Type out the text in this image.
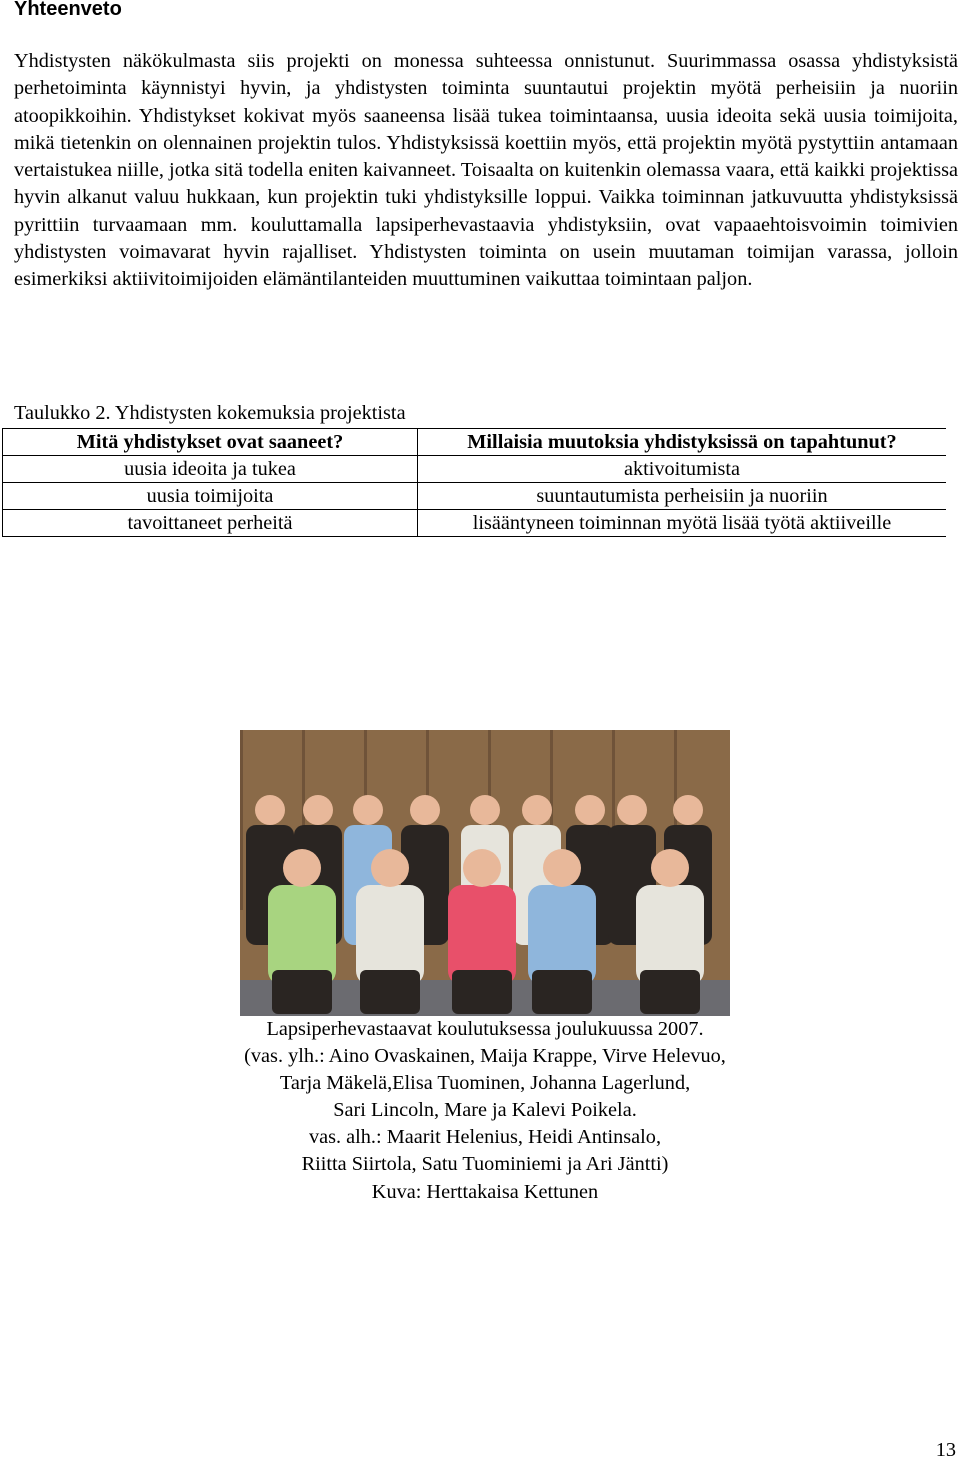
Yhteenveto

Yhdistysten näkökulmasta siis projekti on monessa suhteessa onnistunut. Suurimmassa osassa yhdistyksistä perhetoiminta käynnistyi hyvin, ja yhdistysten toiminta suuntautui projektin myötä perheisiin ja nuoriin atoopikkoihin. Yhdistykset kokivat myös saaneensa lisää tukea toimintaansa, uusia ideoita sekä uusia toimijoita, mikä tietenkin on olennainen projektin tulos. Yhdistyksissä koettiin myös, että projektin myötä pystyttiin antamaan vertaistukea niille, jotka sitä todella eniten kaivanneet. Toisaalta on kuitenkin olemassa vaara, että kaikki projektissa hyvin alkanut valuu hukkaan, kun projektin tuki yhdistyksille loppui. Vaikka toiminnan jatkuvuutta yhdistyksissä pyrittiin turvaamaan mm. kouluttamalla lapsiperhevastaavia yhdistyksiin, ovat vapaaehtoisvoimin toimivien yhdistysten voimavarat hyvin rajalliset. Yhdistysten toiminta on usein muutaman toimijan varassa, jolloin esimerkiksi aktiivitoimijoiden elämäntilanteiden muuttuminen vaikuttaa toimintaan paljon.

Taulukko 2. Yhdistysten kokemuksia projektista
Mitä yhdistykset ovat saaneet?	Millaisia muutoksia yhdistyksissä on tapahtunut?
uusia ideoita ja tukea	aktivoitumista
uusia toimijoita	suuntautumista perheisiin ja nuoriin
tavoittaneet perheitä	lisääntyneen toiminnan myötä lisää työtä aktiiveille
Lapsiperhevastaavat koulutuksessa joulukuussa 2007.
(vas. ylh.: Aino Ovaskainen, Maija Krappe, Virve Helevuo,
Tarja Mäkelä,Elisa Tuominen, Johanna Lagerlund,
Sari Lincoln, Mare ja Kalevi Poikela.
vas. alh.: Maarit Helenius, Heidi Antinsalo,
Riitta Siirtola, Satu Tuominiemi ja Ari Jäntti)
Kuva: Herttakaisa Kettunen
13
